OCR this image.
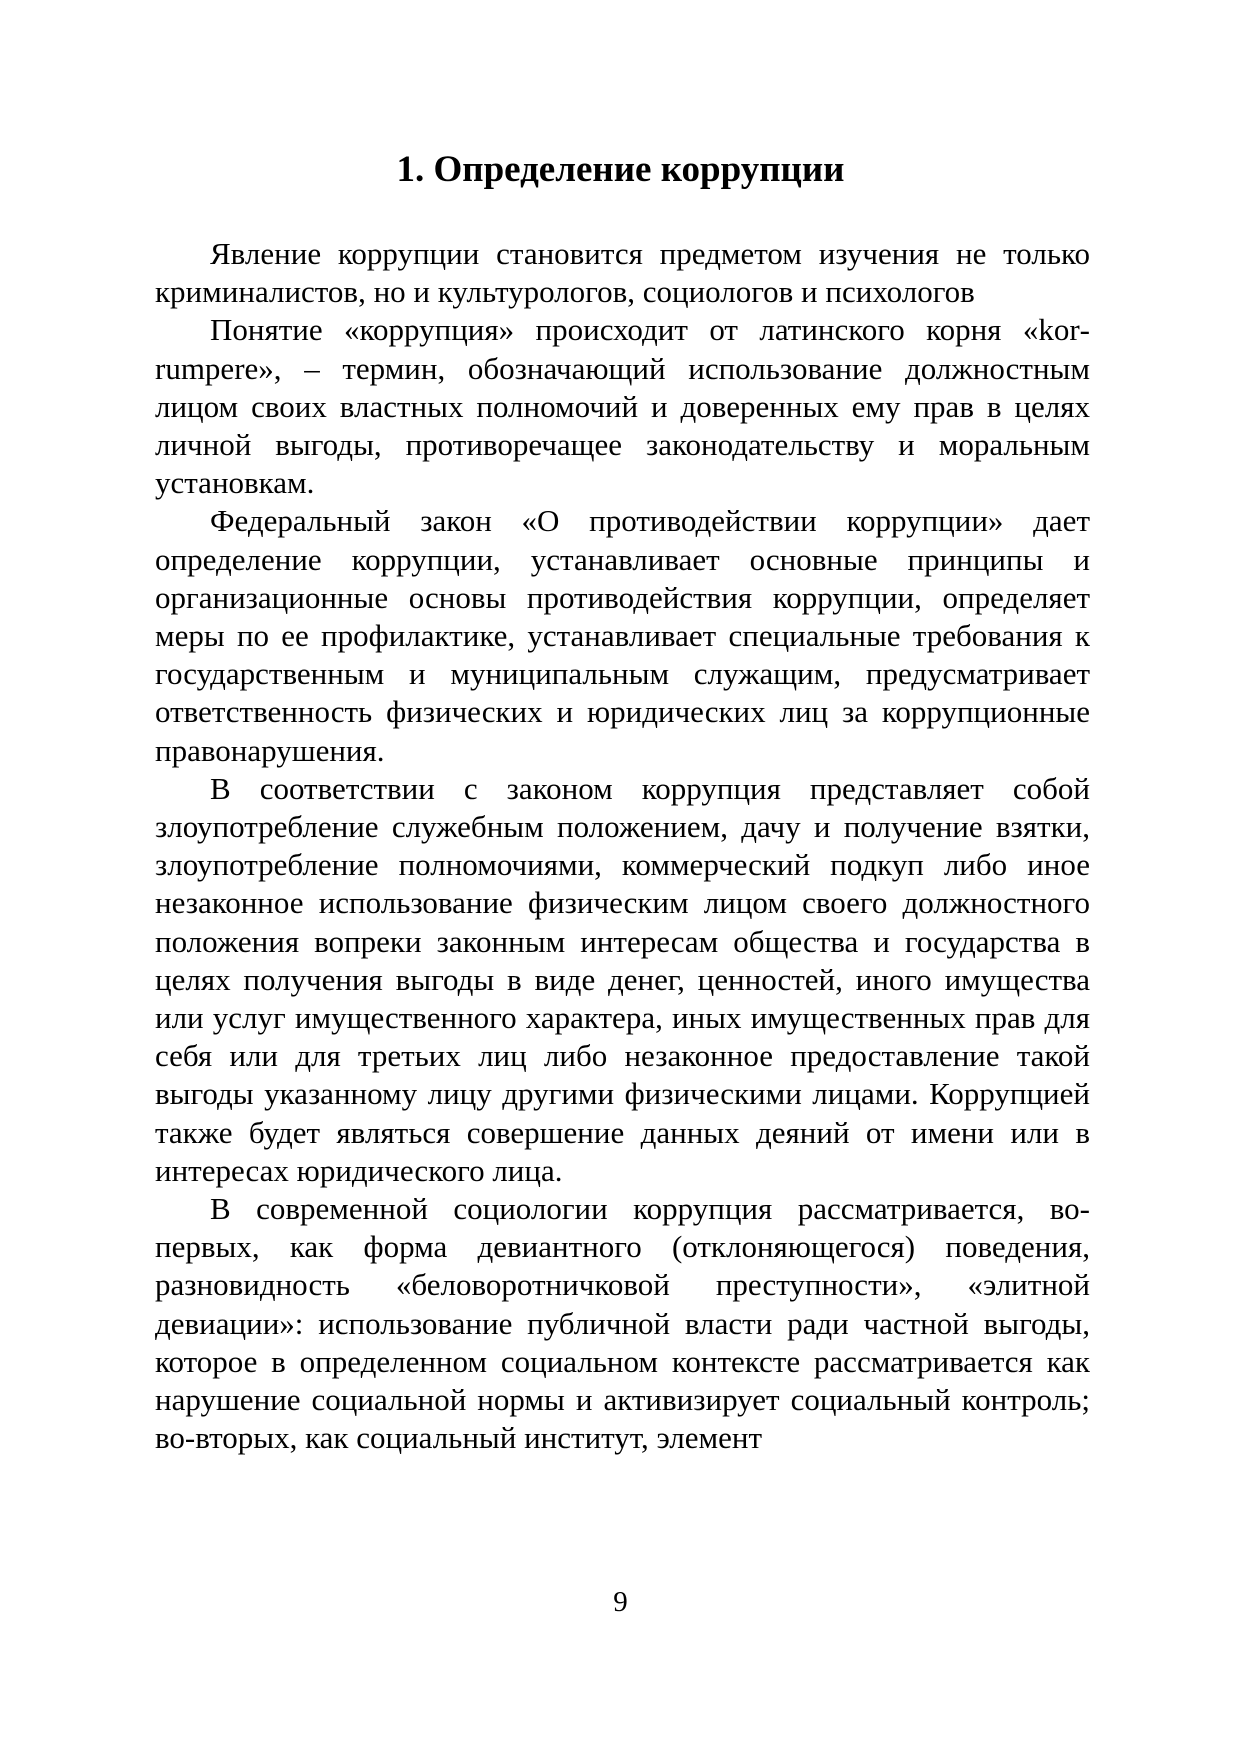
1. Определение коррупции

Явление коррупции становится предметом изучения не только криминалистов, но и культурологов, социологов и психологов

Понятие «коррупция» происходит от латинского корня «korrumpere», – термин, обозначающий использование должностным лицом своих властных полномочий и доверенных ему прав в целях личной выгоды, противоречащее законодательству и моральным установкам.

Федеральный закон «О противодействии коррупции» дает определение коррупции, устанавливает основные принципы и организационные основы противодействия коррупции, определяет меры по ее профилактике, устанавливает специальные требования к государственным и муниципальным служащим, предусматривает ответственность физических и юридических лиц за коррупционные правонарушения.

В соответствии с законом коррупция представляет собой злоупотребление служебным положением, дачу и получение взятки, злоупотребление полномочиями, коммерческий подкуп либо иное незаконное использование физическим лицом своего должностного положения вопреки законным интересам общества и государства в целях получения выгоды в виде денег, ценностей, иного имущества или услуг имущественного характера, иных имущественных прав для себя или для третьих лиц либо незаконное предоставление такой выгоды указанному лицу другими физическими лицами. Коррупцией также будет являться совершение данных деяний от имени или в интересах юридического лица.

В современной социологии коррупция рассматривается, во-первых, как форма девиантного (отклоняющегося) поведения, разновидность «беловоротничковой преступности», «элитной девиации»: использование публичной власти ради частной выгоды, которое в определенном социальном контексте рассматривается как нарушение социальной нормы и активизирует социальный контроль; во-вторых, как социальный институт, элемент

9
